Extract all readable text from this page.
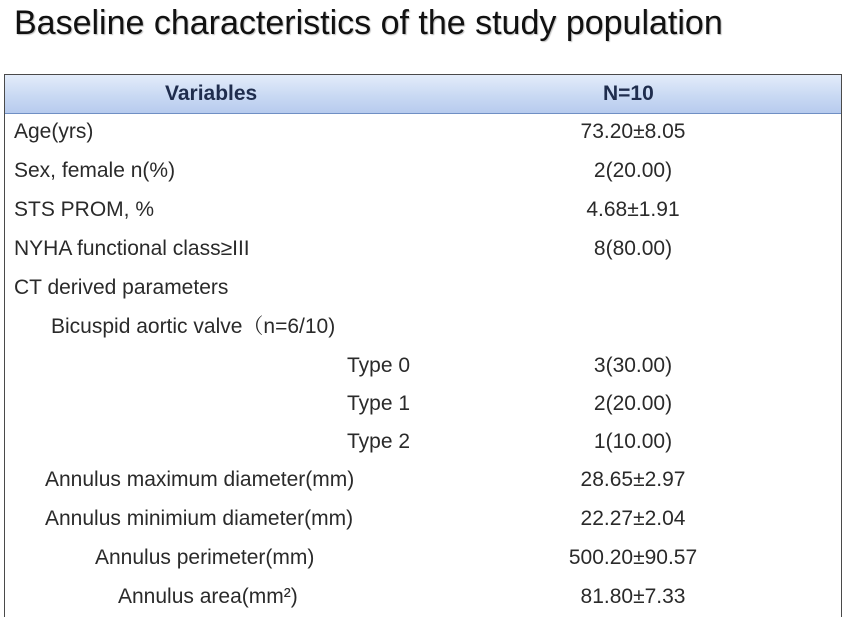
Baseline characteristics of the study population
Variables	N=10
Age(yrs)	73.20±8.05
Sex, female n(%)	2(20.00)
STS PROM, %	4.68±1.91
NYHA functional class≥III	8(80.00)
CT derived parameters
Bicuspid aortic valve（n=6/10)
Type 0	3(30.00)
Type 1	2(20.00)
Type 2	1(10.00)
Annulus maximum diameter(mm)	28.65±2.97
Annulus minimium diameter(mm)	22.27±2.04
Annulus perimeter(mm)	500.20±90.57
Annulus area(mm²)	81.80±7.33
